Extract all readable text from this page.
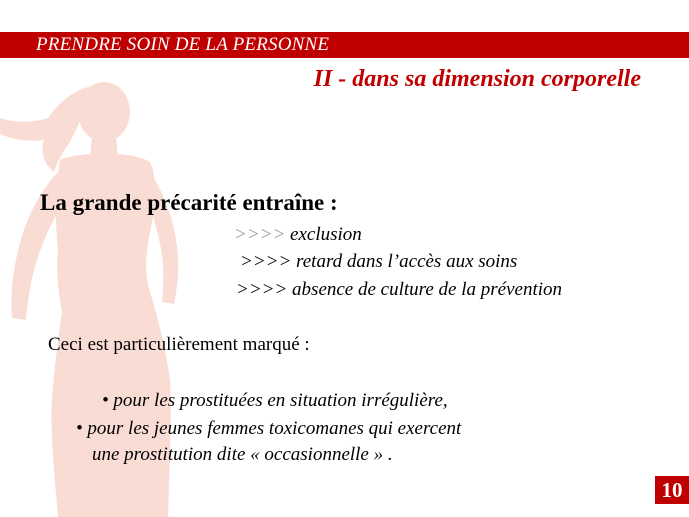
PRENDRE SOIN DE LA PERSONNE
II - dans sa dimension corporelle
La grande précarité entraîne :
>>>> exclusion
>>>> retard dans l’accès aux soins
>>>> absence de culture de la prévention
Ceci est particulièrement marqué :
• pour les prostituées en situation irrégulière,
• pour les jeunes femmes toxicomanes qui exercent
une prostitution dite « occasionnelle » .
10
